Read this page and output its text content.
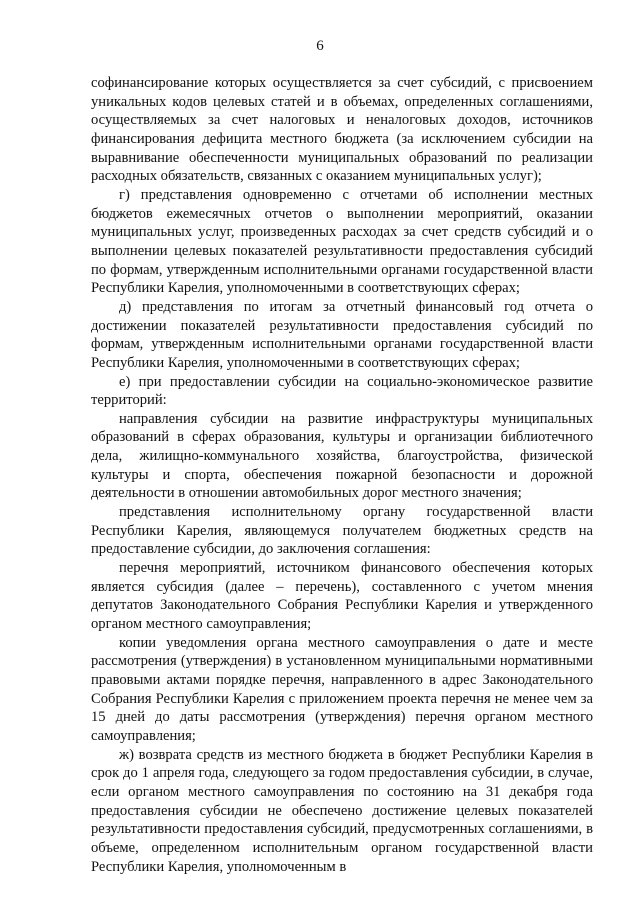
6

софинансирование которых осуществляется за счет субсидий, с присвоением уникальных кодов целевых статей и в объемах, определенных соглашениями, осуществляемых за счет налоговых и неналоговых доходов, источников финансирования дефицита местного бюджета (за исключением субсидии на выравнивание обеспеченности муниципальных образований по реализации расходных обязательств, связанных с оказанием муниципальных услуг);

г) представления одновременно с отчетами об исполнении местных бюджетов ежемесячных отчетов о выполнении мероприятий, оказании муниципальных услуг, произведенных расходах за счет средств субсидий и о выполнении целевых показателей результативности предоставления субсидий по формам, утвержденным исполнительными органами государственной власти Республики Карелия, уполномоченными в соответствующих сферах;

д) представления по итогам за отчетный финансовый год отчета о достижении показателей результативности предоставления субсидий по формам, утвержденным исполнительными органами государственной власти Республики Карелия, уполномоченными в соответствующих сферах;

е) при предоставлении субсидии на социально-экономическое развитие территорий:

направления субсидии на развитие инфраструктуры муниципальных образований в сферах образования, культуры и организации библиотечного дела, жилищно-коммунального хозяйства, благоустройства, физической культуры и спорта, обеспечения пожарной безопасности и дорожной деятельности в отношении автомобильных дорог местного значения;

представления исполнительному органу государственной власти Республики Карелия, являющемуся получателем бюджетных средств на предоставление субсидии, до заключения соглашения:

перечня мероприятий, источником финансового обеспечения которых является субсидия (далее – перечень), составленного с учетом мнения депутатов Законодательного Собрания Республики Карелия и утвержденного органом местного самоуправления;

копии уведомления органа местного самоуправления о дате и месте рассмотрения (утверждения) в установленном муниципальными нормативными правовыми актами порядке перечня, направленного в адрес Законодательного Собрания Республики Карелия с приложением проекта перечня не менее чем за 15 дней до даты рассмотрения (утверждения) перечня органом местного самоуправления;

ж) возврата средств из местного бюджета в бюджет Республики Карелия в срок до 1 апреля года, следующего за годом предоставления субсидии, в случае, если органом местного самоуправления по состоянию на 31 декабря года предоставления субсидии не обеспечено достижение целевых показателей результативности предоставления субсидий, предусмотренных соглашениями, в объеме, определенном исполнительным органом государственной власти Республики Карелия, уполномоченным в
